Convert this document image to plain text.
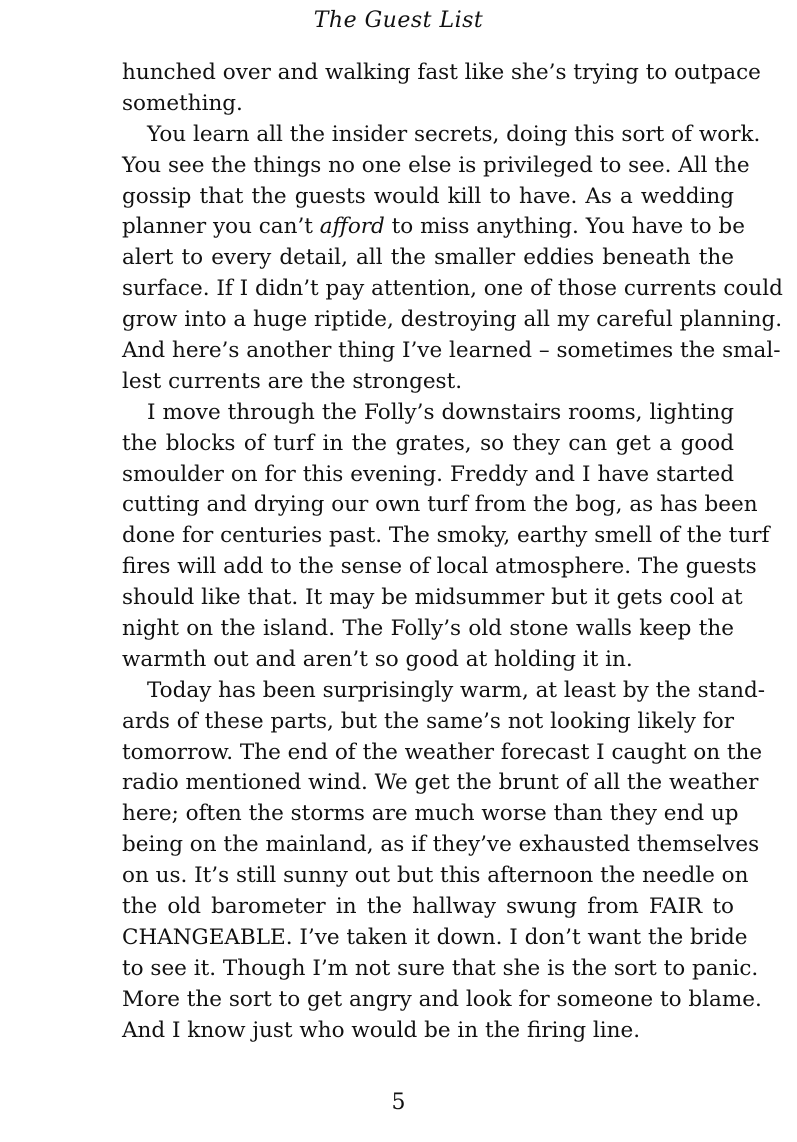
The Guest List
hunched over and walking fast like she’s trying to outpace
something.
You learn all the insider secrets, doing this sort of work.
You see the things no one else is privileged to see. All the
gossip that the guests would kill to have. As a wedding
planner you can’t afford to miss anything. You have to be
alert to every detail, all the smaller eddies beneath the
surface. If I didn’t pay attention, one of those currents could
grow into a huge riptide, destroying all my careful planning.
And here’s another thing I’ve learned – sometimes the smal-
lest currents are the strongest.
I move through the Folly’s downstairs rooms, lighting
the blocks of turf in the grates, so they can get a good
smoulder on for this evening. Freddy and I have started
cutting and drying our own turf from the bog, as has been
done for centuries past. The smoky, earthy smell of the turf
fires will add to the sense of local atmosphere. The guests
should like that. It may be midsummer but it gets cool at
night on the island. The Folly’s old stone walls keep the
warmth out and aren’t so good at holding it in.
Today has been surprisingly warm, at least by the stand-
ards of these parts, but the same’s not looking likely for
tomorrow. The end of the weather forecast I caught on the
radio mentioned wind. We get the brunt of all the weather
here; often the storms are much worse than they end up
being on the mainland, as if they’ve exhausted themselves
on us. It’s still sunny out but this afternoon the needle on
the old barometer in the hallway swung from FAIR to
CHANGEABLE. I’ve taken it down. I don’t want the bride
to see it. Though I’m not sure that she is the sort to panic.
More the sort to get angry and look for someone to blame.
And I know just who would be in the firing line.
5
